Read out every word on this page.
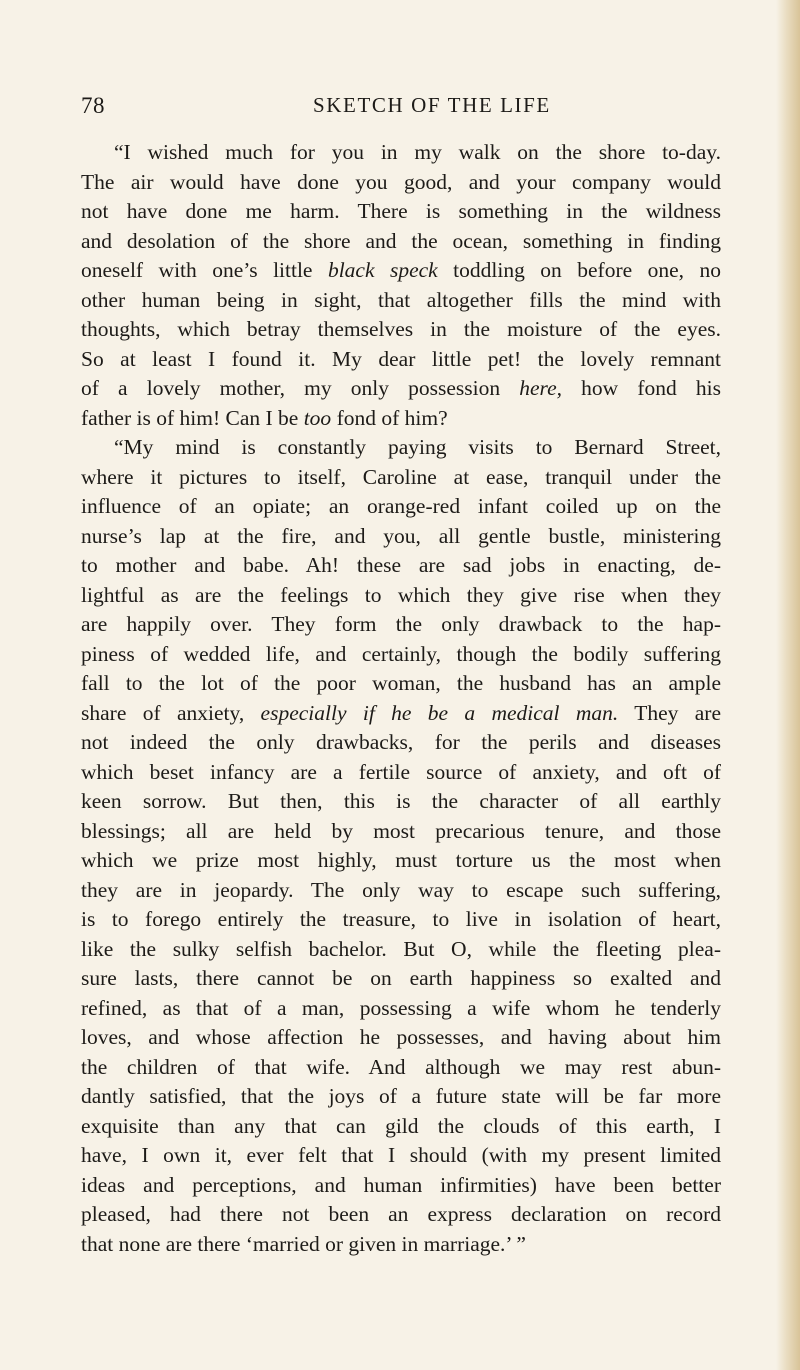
78	SKETCH OF THE LIFE
“I wished much for you in my walk on the shore to-day.
The air would have done you good, and your company would
not have done me harm. There is something in the wildness
and desolation of the shore and the ocean, something in finding
oneself with one’s little black speck toddling on before one, no
other human being in sight, that altogether fills the mind with
thoughts, which betray themselves in the moisture of the eyes.
So at least I found it. My dear little pet! the lovely remnant
of a lovely mother, my only possession here, how fond his
father is of him! Can I be too fond of him?
“My mind is constantly paying visits to Bernard Street,
where it pictures to itself, Caroline at ease, tranquil under the
influence of an opiate; an orange-red infant coiled up on the
nurse’s lap at the fire, and you, all gentle bustle, ministering
to mother and babe. Ah! these are sad jobs in enacting, de-
lightful as are the feelings to which they give rise when they
are happily over. They form the only drawback to the hap-
piness of wedded life, and certainly, though the bodily suffering
fall to the lot of the poor woman, the husband has an ample
share of anxiety, especially if he be a medical man. They are
not indeed the only drawbacks, for the perils and diseases
which beset infancy are a fertile source of anxiety, and oft of
keen sorrow. But then, this is the character of all earthly
blessings; all are held by most precarious tenure, and those
which we prize most highly, must torture us the most when
they are in jeopardy. The only way to escape such suffering,
is to forego entirely the treasure, to live in isolation of heart,
like the sulky selfish bachelor. But O, while the fleeting plea-
sure lasts, there cannot be on earth happiness so exalted and
refined, as that of a man, possessing a wife whom he tenderly
loves, and whose affection he possesses, and having about him
the children of that wife. And although we may rest abun-
dantly satisfied, that the joys of a future state will be far more
exquisite than any that can gild the clouds of this earth, I
have, I own it, ever felt that I should (with my present limited
ideas and perceptions, and human infirmities) have been better
pleased, had there not been an express declaration on record
that none are there ‘married or given in marriage.’ ”
